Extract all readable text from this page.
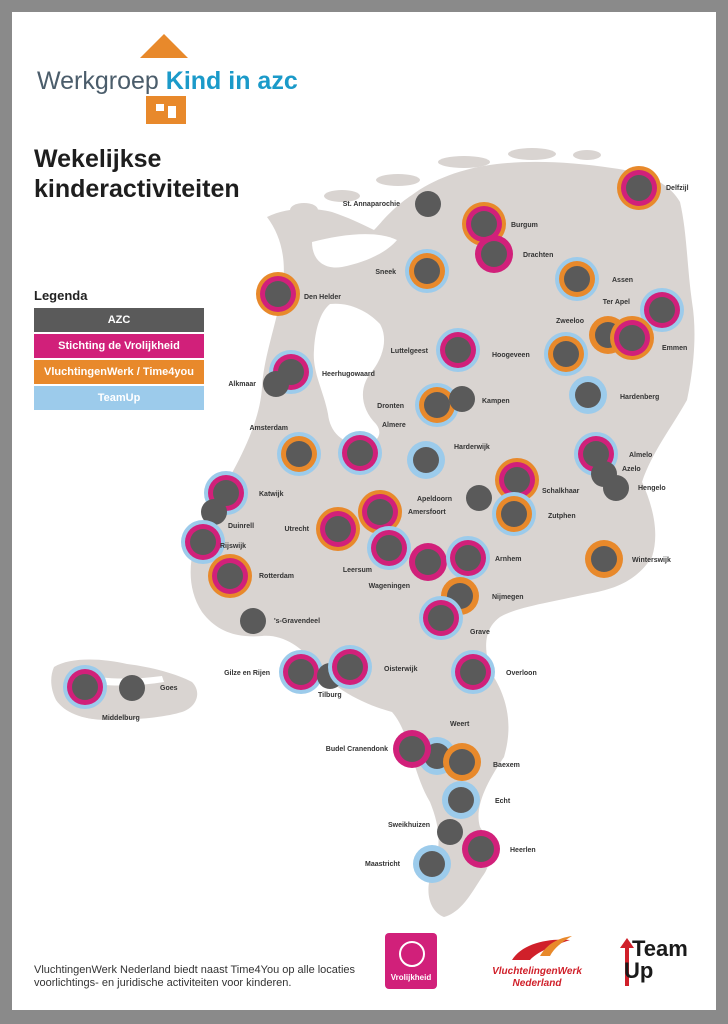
Delfzijl
St. Annaparochie
Burgum
Drachten
Sneek
Assen
Ter Apel
Den Helder
Zweeloo
Emmen
Luttelgeest
Hoogeveen
Heerhugowaard
Alkmaar
Hardenberg
Dronten
Kampen
Almere
Amsterdam
Harderwijk
Almelo
Azelo
Hengelo
Katwijk
Duinrell
Apeldoorn
Schalkhaar
Zutphen
Amersfoort
Utrecht
Rijswijk
Leersum
Wageningen
Arnhem	Winterswijk
Rotterdam
Nijmegen
Grave
's-Gravendeel
Gilze en Rijen
Tilburg
Oisterwijk
Overloon
Goes
Middelburg
Weert
Budel Cranendonk
Baexem
Echt
Sweikhuizen
Heerlen
Maastricht
Werkgroep Kind in azc
Wekelijkse
kinderactiviteiten
Legenda
AZC
Stichting de Vrolijkheid
VluchtingenWerk / Time4you
TeamUp
VluchtingenWerk Nederland biedt naast Time4You op alle locaties
voorlichtings- en juridische activiteiten voor kinderen.	Vrolijkheid
VluchtelingenWerk
Nederland
Team
Up
